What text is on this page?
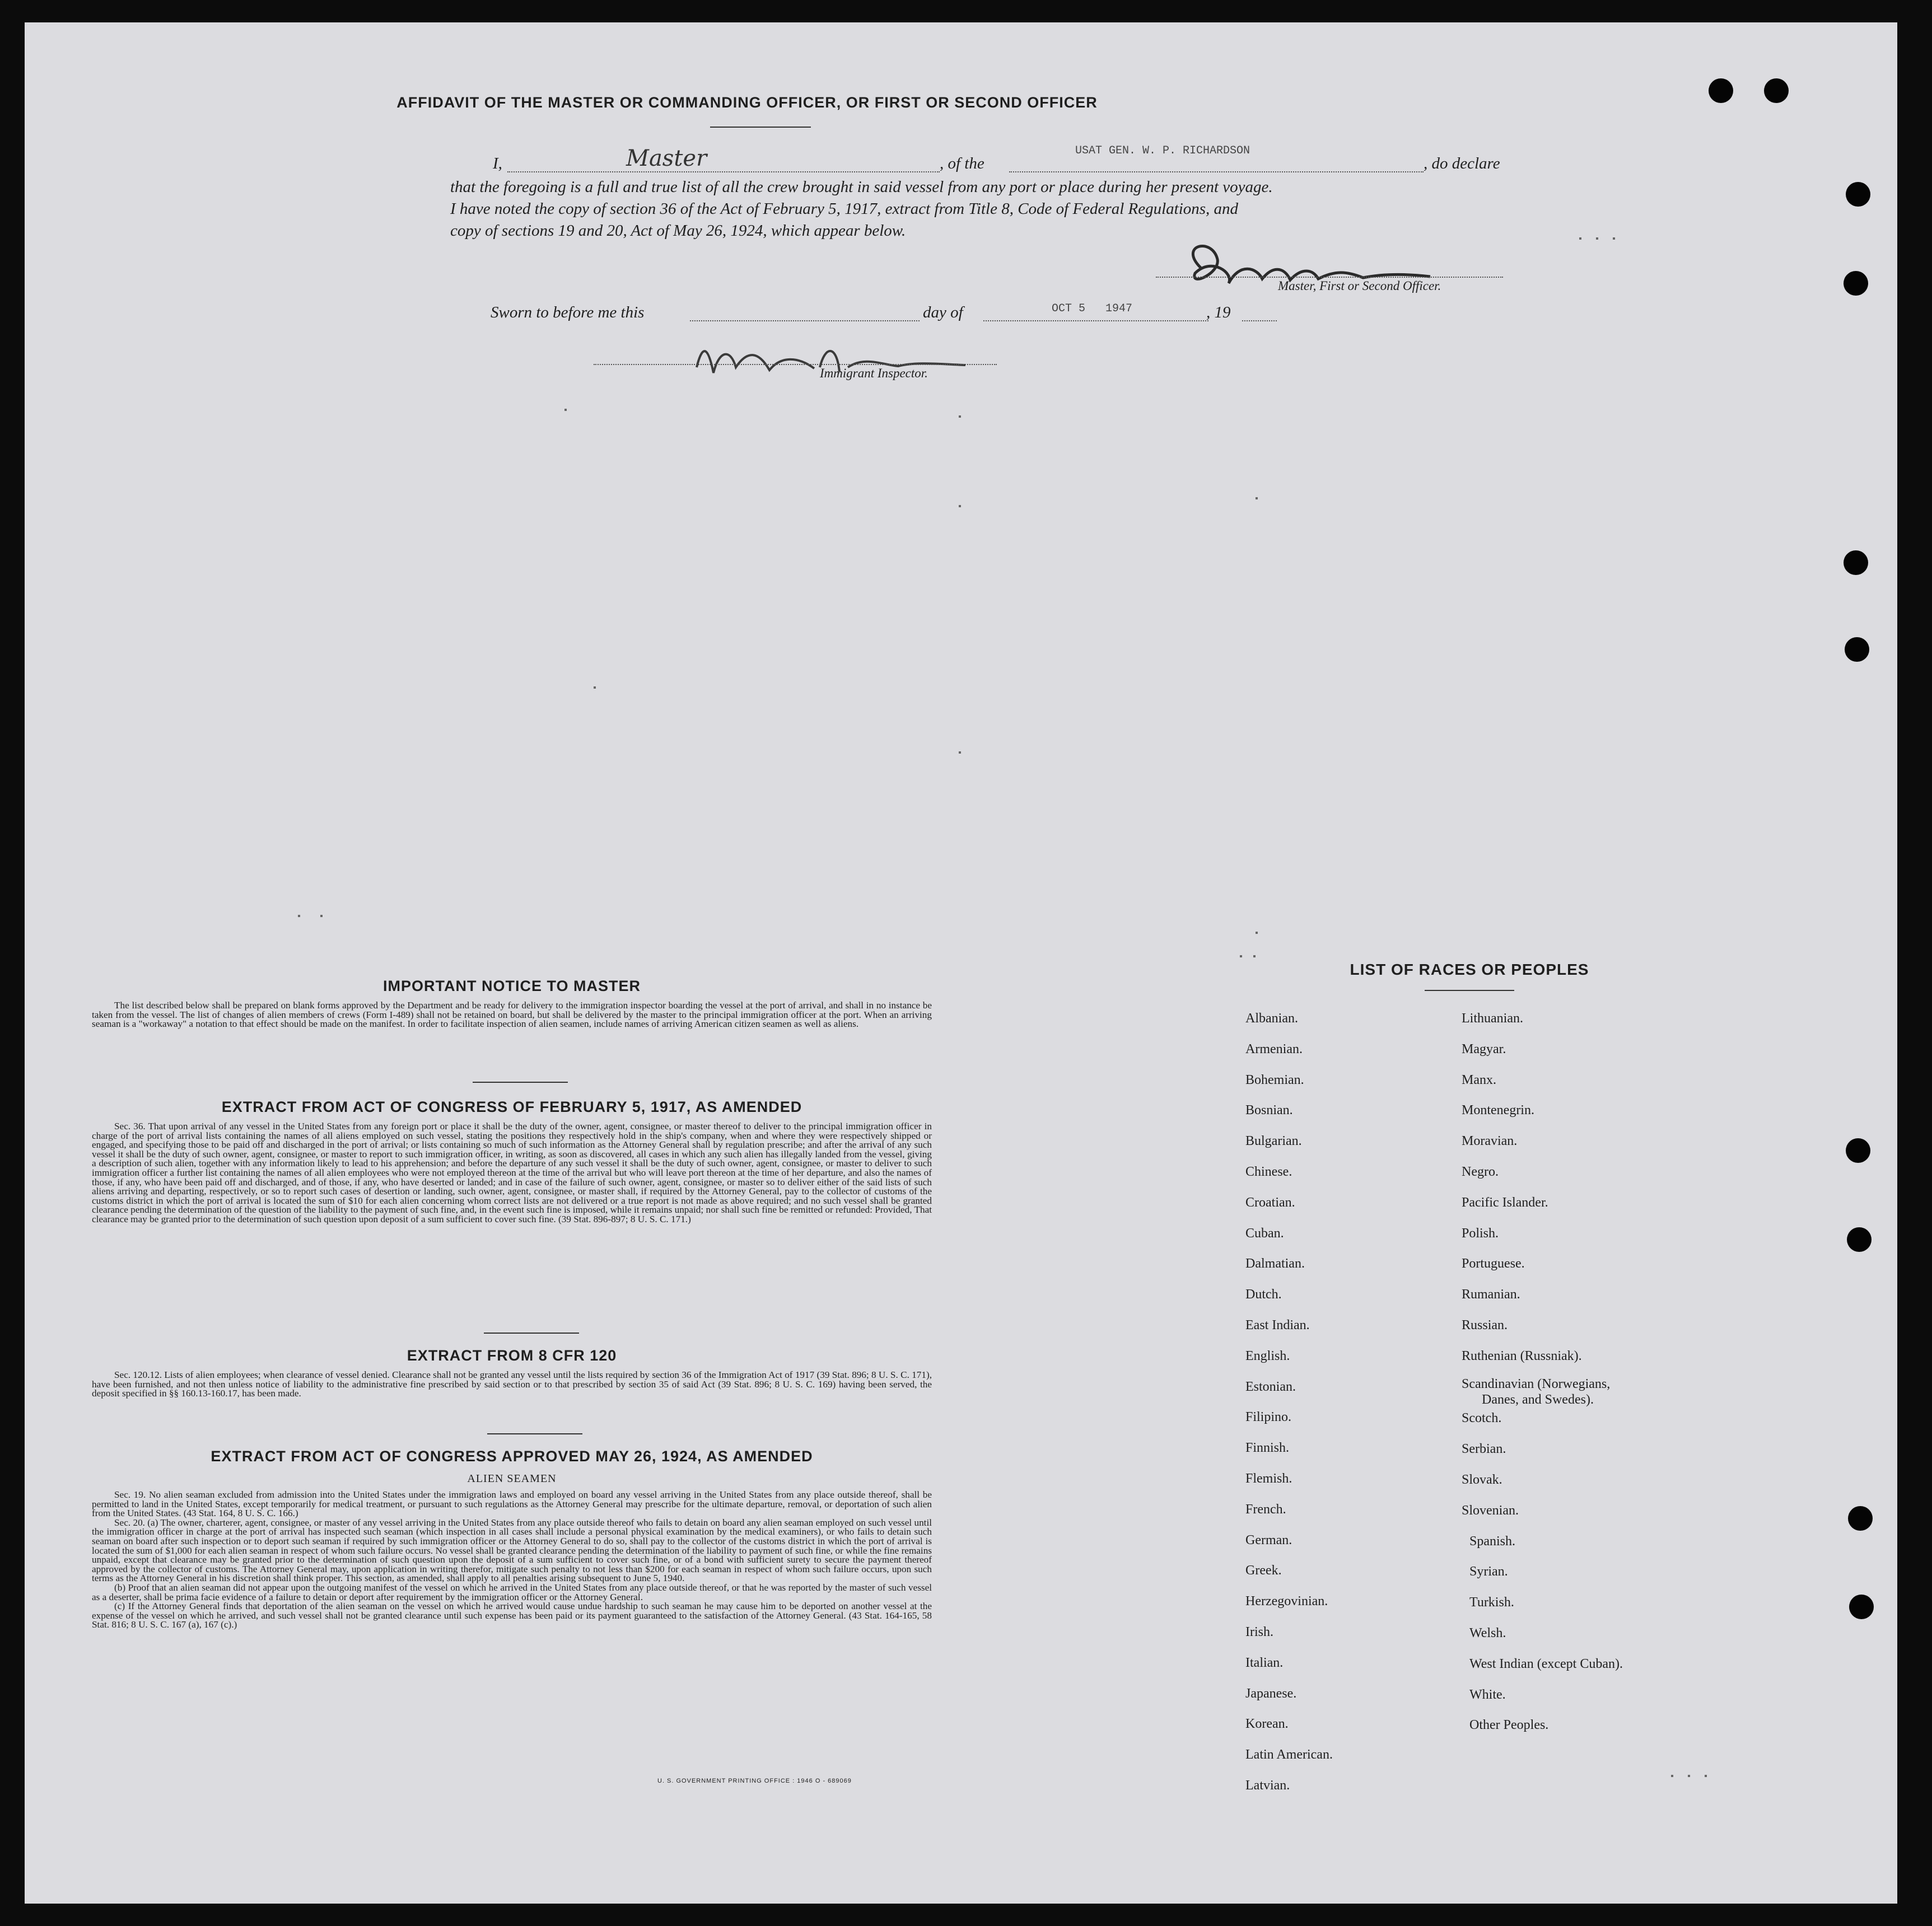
AFFIDAVIT OF THE MASTER OR COMMANDING OFFICER, OR FIRST OR SECOND OFFICER
I,	Master	, of the
USAT GEN. W. P. RICHARDSON
, do declare
that the foregoing is a full and true list of all the crew brought in said vessel from any port or place during her present voyage.
I have noted the copy of section 36 of the Act of February 5, 1917, extract from Title 8, Code of Federal Regulations, and
copy of sections 19 and 20, Act of May 26, 1924, which appear below.
Master, First or Second Officer.
Sworn to before me this	day of	OCT 5   1947	, 19
Immigrant Inspector.
IMPORTANT NOTICE TO MASTER

The list described below shall be prepared on blank forms approved by the Department and be ready for delivery to the immigration inspector boarding the vessel at the port of arrival, and shall in no instance be taken from the vessel. The list of changes of alien members of crews (Form I-489) shall not be retained on board, but shall be delivered by the master to the principal immigration officer at the port. When an arriving seaman is a "workaway" a notation to that effect should be made on the manifest. In order to facilitate inspection of alien seamen, include names of arriving American citizen seamen as well as aliens.

EXTRACT FROM ACT OF CONGRESS OF FEBRUARY 5, 1917, AS AMENDED

Sec. 36. That upon arrival of any vessel in the United States from any foreign port or place it shall be the duty of the owner, agent, consignee, or master thereof to deliver to the principal immigration officer in charge of the port of arrival lists containing the names of all aliens employed on such vessel, stating the positions they respectively hold in the ship's company, when and where they were respectively shipped or engaged, and specifying those to be paid off and discharged in the port of arrival; or lists containing so much of such information as the Attorney General shall by regulation prescribe; and after the arrival of any such vessel it shall be the duty of such owner, agent, consignee, or master to report to such immigration officer, in writing, as soon as discovered, all cases in which any such alien has illegally landed from the vessel, giving a description of such alien, together with any information likely to lead to his apprehension; and before the departure of any such vessel it shall be the duty of such owner, agent, consignee, or master to deliver to such immigration officer a further list containing the names of all alien employees who were not employed thereon at the time of the arrival but who will leave port thereon at the time of her departure, and also the names of those, if any, who have been paid off and discharged, and of those, if any, who have deserted or landed; and in case of the failure of such owner, agent, consignee, or master so to deliver either of the said lists of such aliens arriving and departing, respectively, or so to report such cases of desertion or landing, such owner, agent, consignee, or master shall, if required by the Attorney General, pay to the collector of customs of the customs district in which the port of arrival is located the sum of $10 for each alien concerning whom correct lists are not delivered or a true report is not made as above required; and no such vessel shall be granted clearance pending the determination of the question of the liability to the payment of such fine, and, in the event such fine is imposed, while it remains unpaid; nor shall such fine be remitted or refunded: Provided, That clearance may be granted prior to the determination of such question upon deposit of a sum sufficient to cover such fine. (39 Stat. 896-897; 8 U. S. C. 171.)

EXTRACT FROM 8 CFR 120

Sec. 120.12. Lists of alien employees; when clearance of vessel denied. Clearance shall not be granted any vessel until the lists required by section 36 of the Immigration Act of 1917 (39 Stat. 896; 8 U. S. C. 171), have been furnished, and not then unless notice of liability to the administrative fine prescribed by said section or to that prescribed by section 35 of said Act (39 Stat. 896; 8 U. S. C. 169) having been served, the deposit specified in §§ 160.13-160.17, has been made.

EXTRACT FROM ACT OF CONGRESS APPROVED MAY 26, 1924, AS AMENDED
ALIEN SEAMEN

Sec. 19. No alien seaman excluded from admission into the United States under the immigration laws and employed on board any vessel arriving in the United States from any place outside thereof, shall be permitted to land in the United States, except temporarily for medical treatment, or pursuant to such regulations as the Attorney General may prescribe for the ultimate departure, removal, or deportation of such alien from the United States. (43 Stat. 164, 8 U. S. C. 166.)

Sec. 20. (a) The owner, charterer, agent, consignee, or master of any vessel arriving in the United States from any place outside thereof who fails to detain on board any alien seaman employed on such vessel until the immigration officer in charge at the port of arrival has inspected such seaman (which inspection in all cases shall include a personal physical examination by the medical examiners), or who fails to detain such seaman on board after such inspection or to deport such seaman if required by such immigration officer or the Attorney General to do so, shall pay to the collector of the customs district in which the port of arrival is located the sum of $1,000 for each alien seaman in respect of whom such failure occurs. No vessel shall be granted clearance pending the determination of the liability to payment of such fine, or while the fine remains unpaid, except that clearance may be granted prior to the determination of such question upon the deposit of a sum sufficient to cover such fine, or of a bond with sufficient surety to secure the payment thereof approved by the collector of customs. The Attorney General may, upon application in writing therefor, mitigate such penalty to not less than $200 for each seaman in respect of whom such failure occurs, upon such terms as the Attorney General in his discretion shall think proper. This section, as amended, shall apply to all penalties arising subsequent to June 5, 1940.

(b) Proof that an alien seaman did not appear upon the outgoing manifest of the vessel on which he arrived in the United States from any place outside thereof, or that he was reported by the master of such vessel as a deserter, shall be prima facie evidence of a failure to detain or deport after requirement by the immigration officer or the Attorney General.

(c) If the Attorney General finds that deportation of the alien seaman on the vessel on which he arrived would cause undue hardship to such seaman he may cause him to be deported on another vessel at the expense of the vessel on which he arrived, and such vessel shall not be granted clearance until such expense has been paid or its payment guaranteed to the satisfaction of the Attorney General. (43 Stat. 164-165, 58 Stat. 816; 8 U. S. C. 167 (a), 167 (c).)

U. S. GOVERNMENT PRINTING OFFICE : 1946 O - 689069
LIST OF RACES OR PEOPLES
Albanian.
Armenian.
Bohemian.
Bosnian.
Bulgarian.
Chinese.
Croatian.
Cuban.
Dalmatian.
Dutch.
East Indian.
English.
Estonian.
Filipino.
Finnish.
Flemish.
French.
German.
Greek.
Herzegovinian.
Irish.
Italian.
Japanese.
Korean.
Latin American.
Latvian.
Lithuanian.
Magyar.
Manx.
Montenegrin.
Moravian.
Negro.
Pacific Islander.
Polish.
Portuguese.
Rumanian.
Russian.
Ruthenian (Russniak).
Scandinavian (Norwegians,
Danes, and Swedes).
Scotch.
Serbian.
Slovak.
Slovenian.
Spanish.
Syrian.
Turkish.
Welsh.
West Indian (except Cuban).
White.
Other Peoples.
